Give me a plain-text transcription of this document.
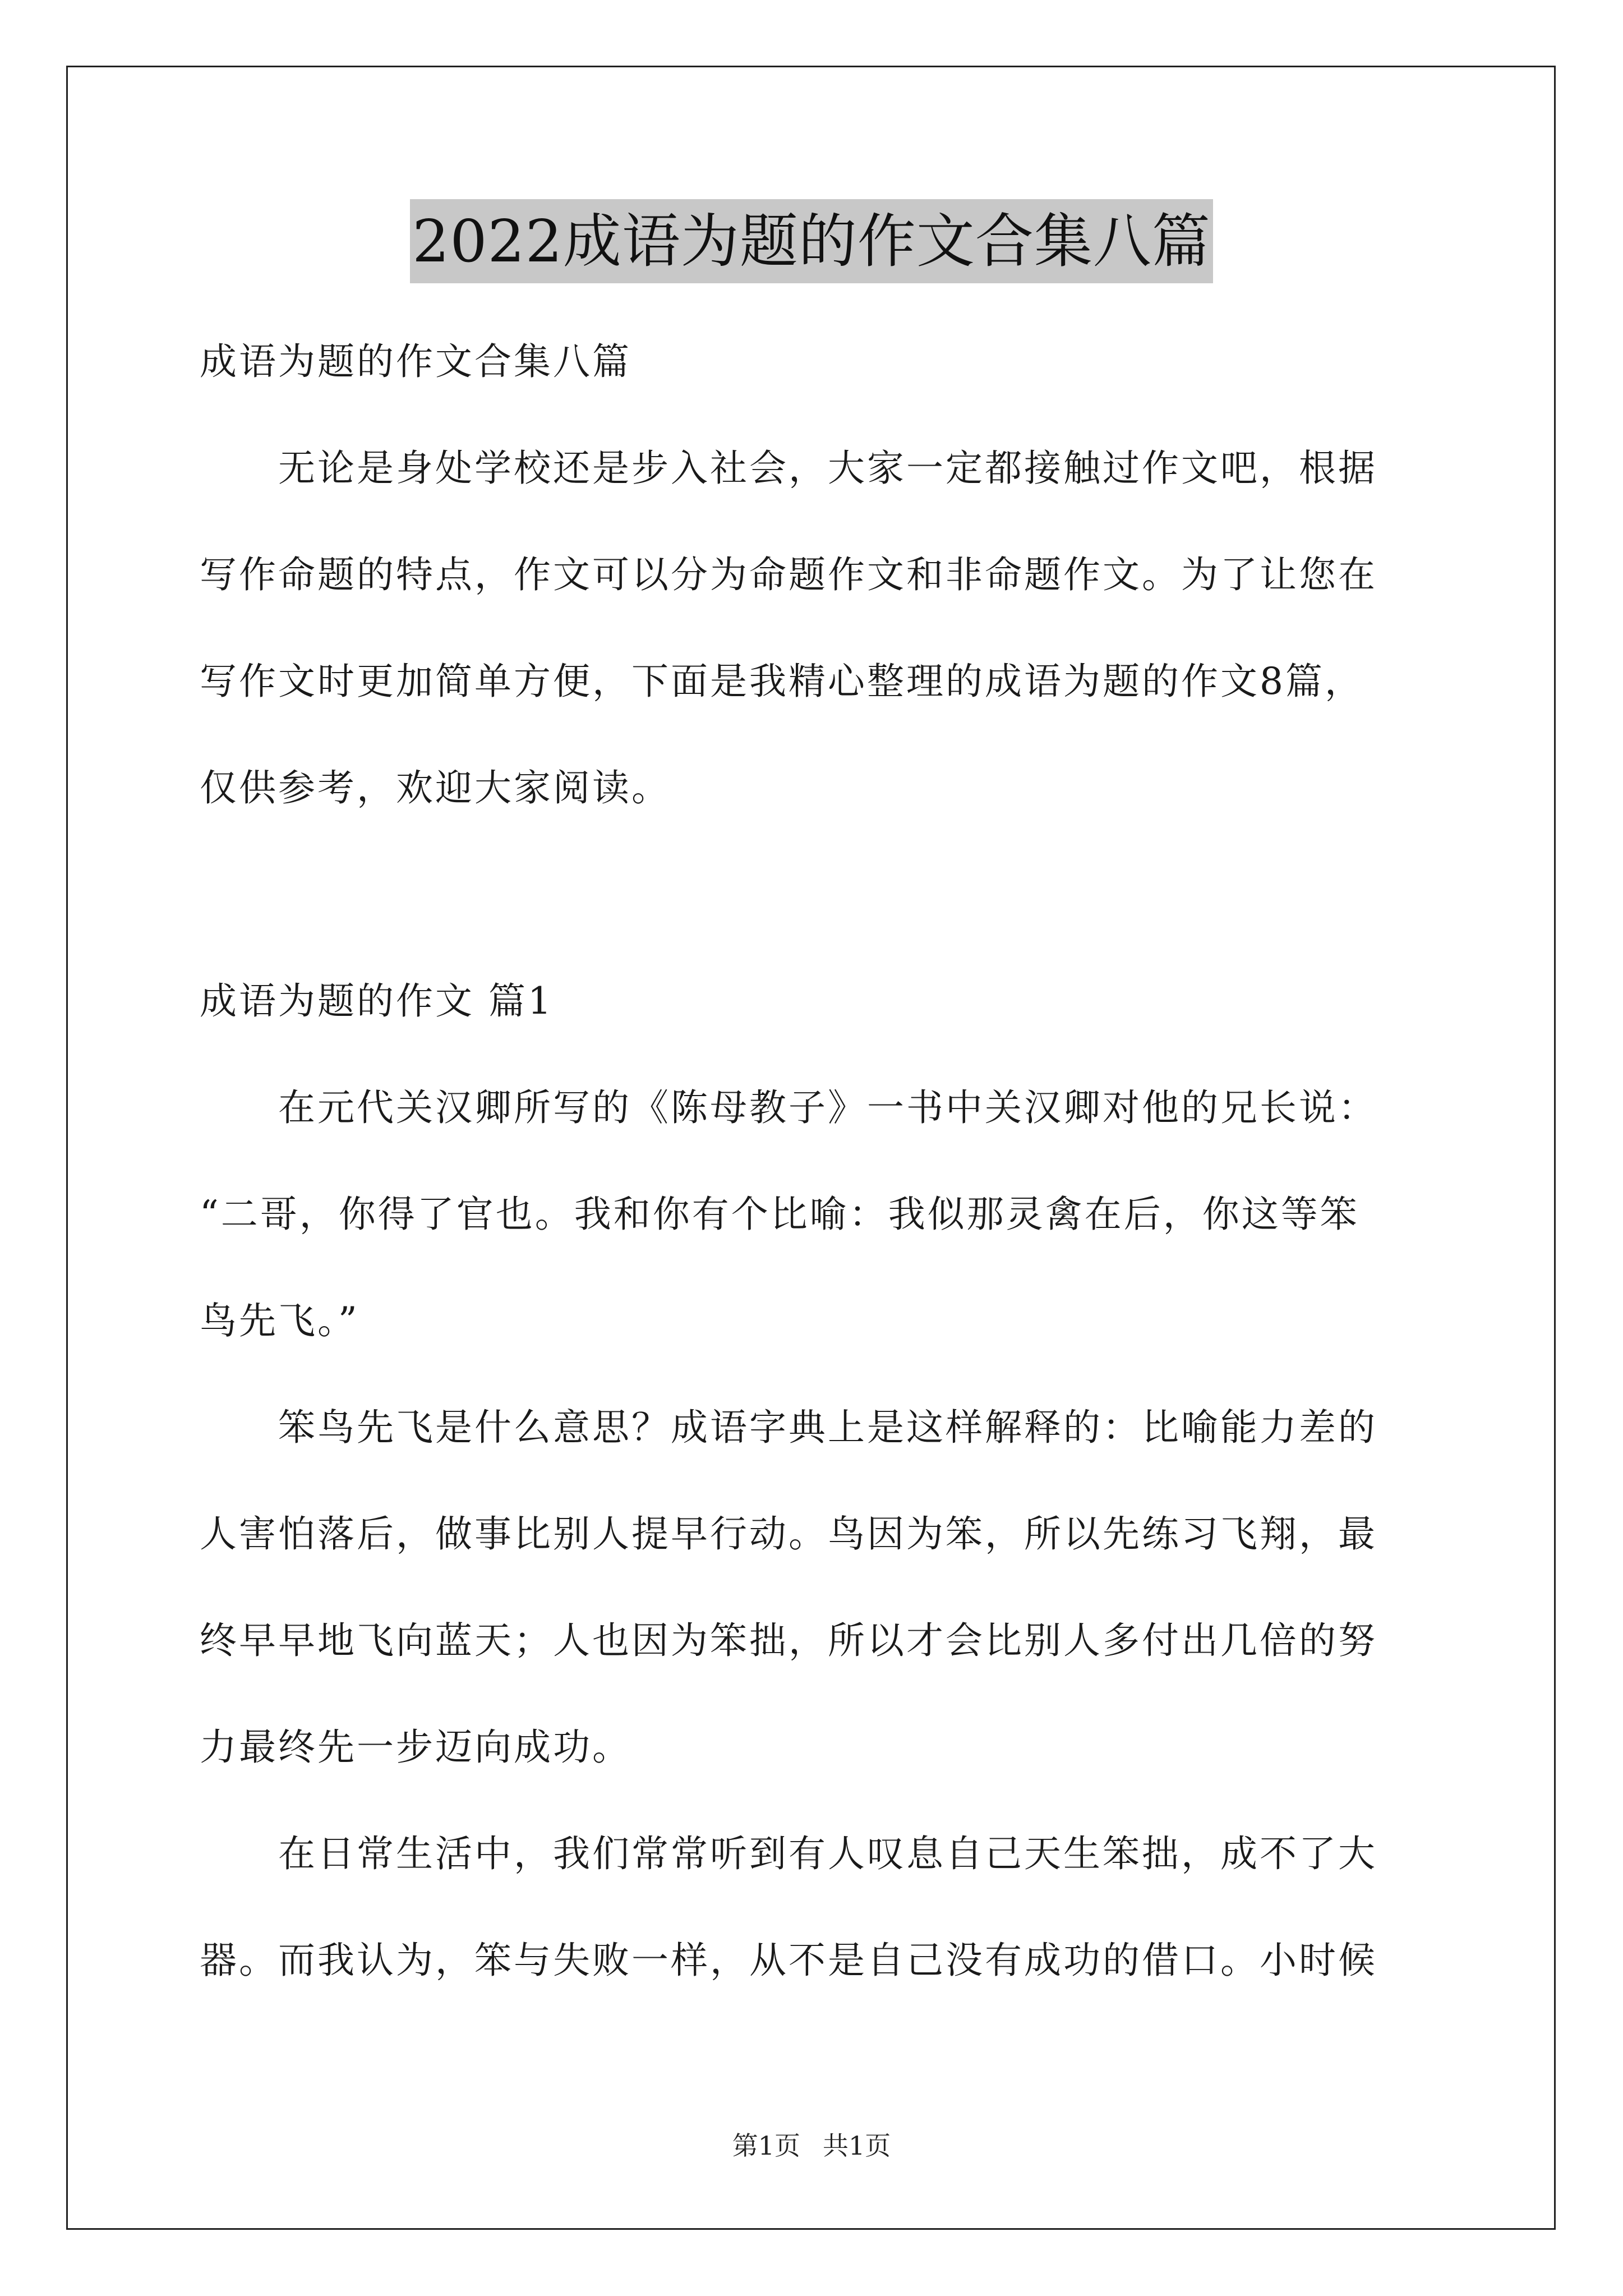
2022成语为题的作文合集八篇
成语为题的作文合集八篇
无论是身处学校还是步入社会，大家一定都接触过作文吧，根据
写作命题的特点，作文可以分为命题作文和非命题作文。为了让您在
写作文时更加简单方便，下面是我精心整理的成语为题的作文8篇，
仅供参考，欢迎大家阅读。
成语为题的作文 篇1
在元代关汉卿所写的《陈母教子》一书中关汉卿对他的兄长说：
“二哥，你得了官也。我和你有个比喻：我似那灵禽在后，你这等笨
鸟先飞。”
笨鸟先飞是什么意思？成语字典上是这样解释的：比喻能力差的
人害怕落后，做事比别人提早行动。鸟因为笨，所以先练习飞翔，最
终早早地飞向蓝天；人也因为笨拙，所以才会比别人多付出几倍的努
力最终先一步迈向成功。
在日常生活中，我们常常听到有人叹息自己天生笨拙，成不了大
器。而我认为，笨与失败一样，从不是自己没有成功的借口。小时候
第1页 共1页
